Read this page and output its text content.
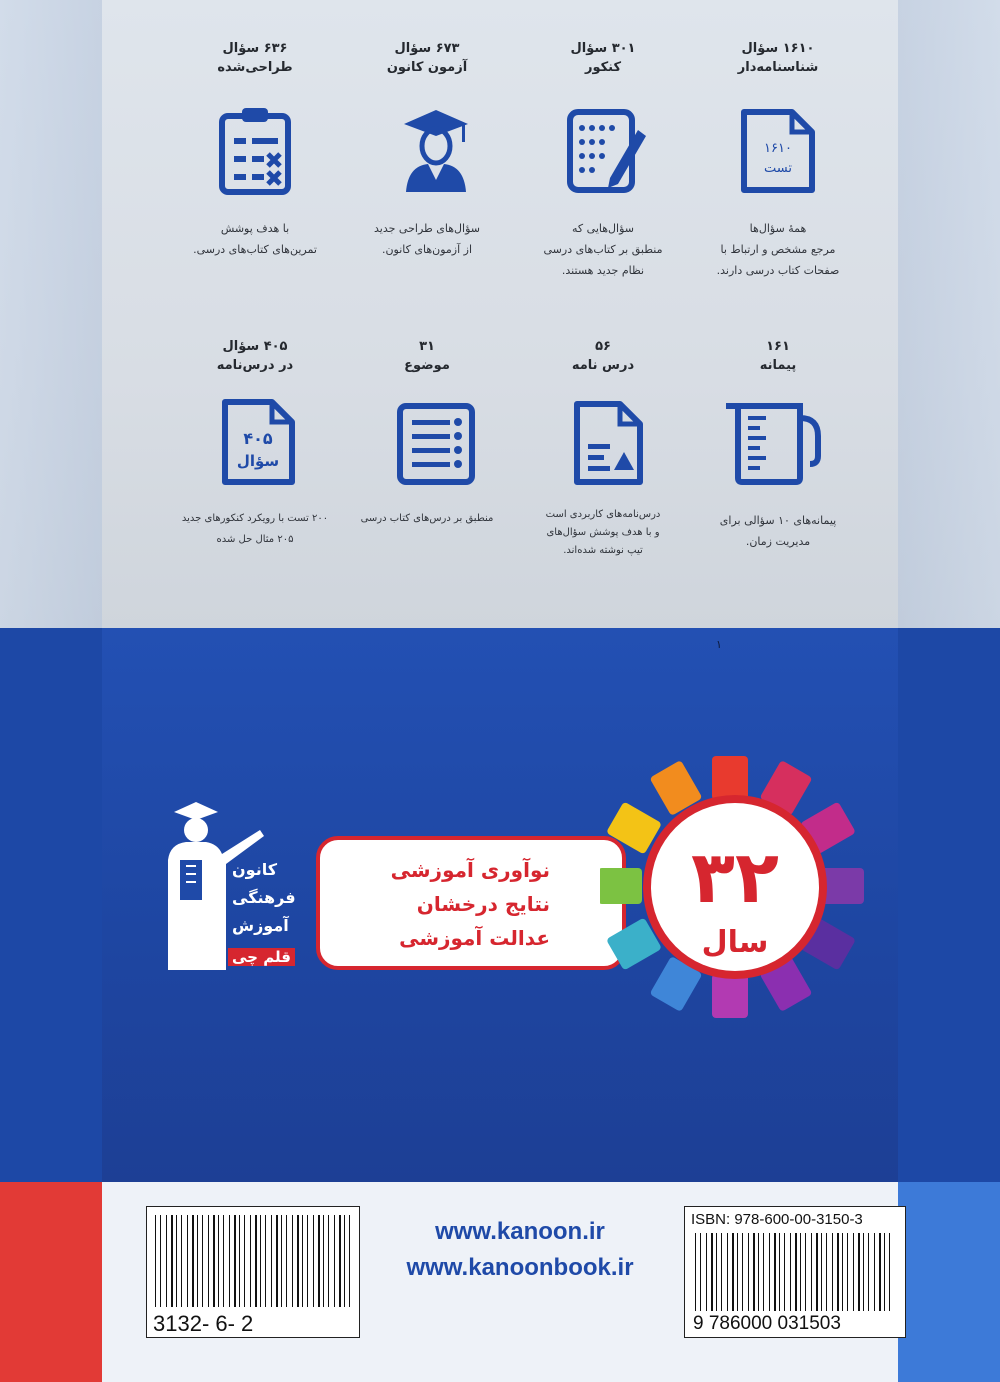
۱۶۱۰ سؤال
شناسنامه‌دار
۱۶۱۰
تست
همهٔ سؤال‌ها
مرجع مشخص و ارتباط با
صفحات کتاب درسی دارند.
۳۰۱ سؤال
کنکور
سؤال‌هایی که
منطبق بر کتاب‌های درسی
نظام جدید هستند.
۶۷۳ سؤال
آزمون کانون
سؤال‌های طراحی جدید
از آزمون‌های کانون.
۶۳۶ سؤال
طراحی‌شده
با هدف پوشش
تمرین‌های کتاب‌های درسی.
۱۶۱
پیمانه
پیمانه‌های ۱۰ سؤالی برای
مدیریت زمان.
۵۶
درس نامه
درس‌نامه‌های کاربردی است
و با هدف پوشش سؤال‌های
تیپ نوشته شده‌اند.
۳۱
موضوع
منطبق بر درس‌های کتاب درسی
۴۰۵ سؤال
در درس‌نامه
۴۰۵
سؤال
۲۰۰ تست با رویکرد کنکورهای جدید
۲۰۵ مثال حل شده
۱
کانون
فرهنگی
آموزش
قلم چی
نوآوری آموزشی
نتایج درخشان
عدالت آموزشی
۳۲
سال
3132- 6- 2
www.kanoon.ir
www.kanoonbook.ir
ISBN: 978-600-00-3150-3
9 786000 031503
